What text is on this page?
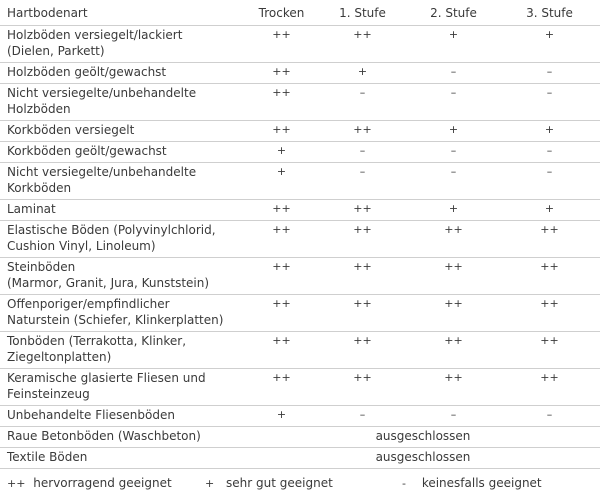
Hartbodenart	Trocken	1. Stufe	2. Stufe	3. Stufe

Holzböden versiegelt/lackiert
(Dielen, Parkett)	++	++	+	+

Holzböden geölt/gewachst	++	+	–	–

Nicht versiegelte/unbehandelte
Holzböden	++	–	–	–

Korkböden versiegelt	++	++	+	+

Korkböden geölt/gewachst	+	–	–	–

Nicht versiegelte/unbehandelte
Korkböden	+	–	–	–

Laminat	++	++	+	+

Elastische Böden (Polyvinylchlorid,
Cushion Vinyl, Linoleum)	++	++	++	++

Steinböden
(Marmor, Granit, Jura, Kunststein)	++	++	++	++

Offenporiger/empfindlicher
Naturstein (Schiefer, Klinkerplatten)	++	++	++	++

Tonböden (Terrakotta, Klinker,
Ziegeltonplatten)	++	++	++	++

Keramische glasierte Fliesen und
Feinsteinzeug	++	++	++	++

Unbehandelte Fliesenböden	+	–	–	–

Raue Betonböden (Waschbeton)	ausgeschlossen			

Textile Böden	ausgeschlossen			
++ hervorragend geeignet	+ sehr gut geeignet	- keinesfalls geeignet
